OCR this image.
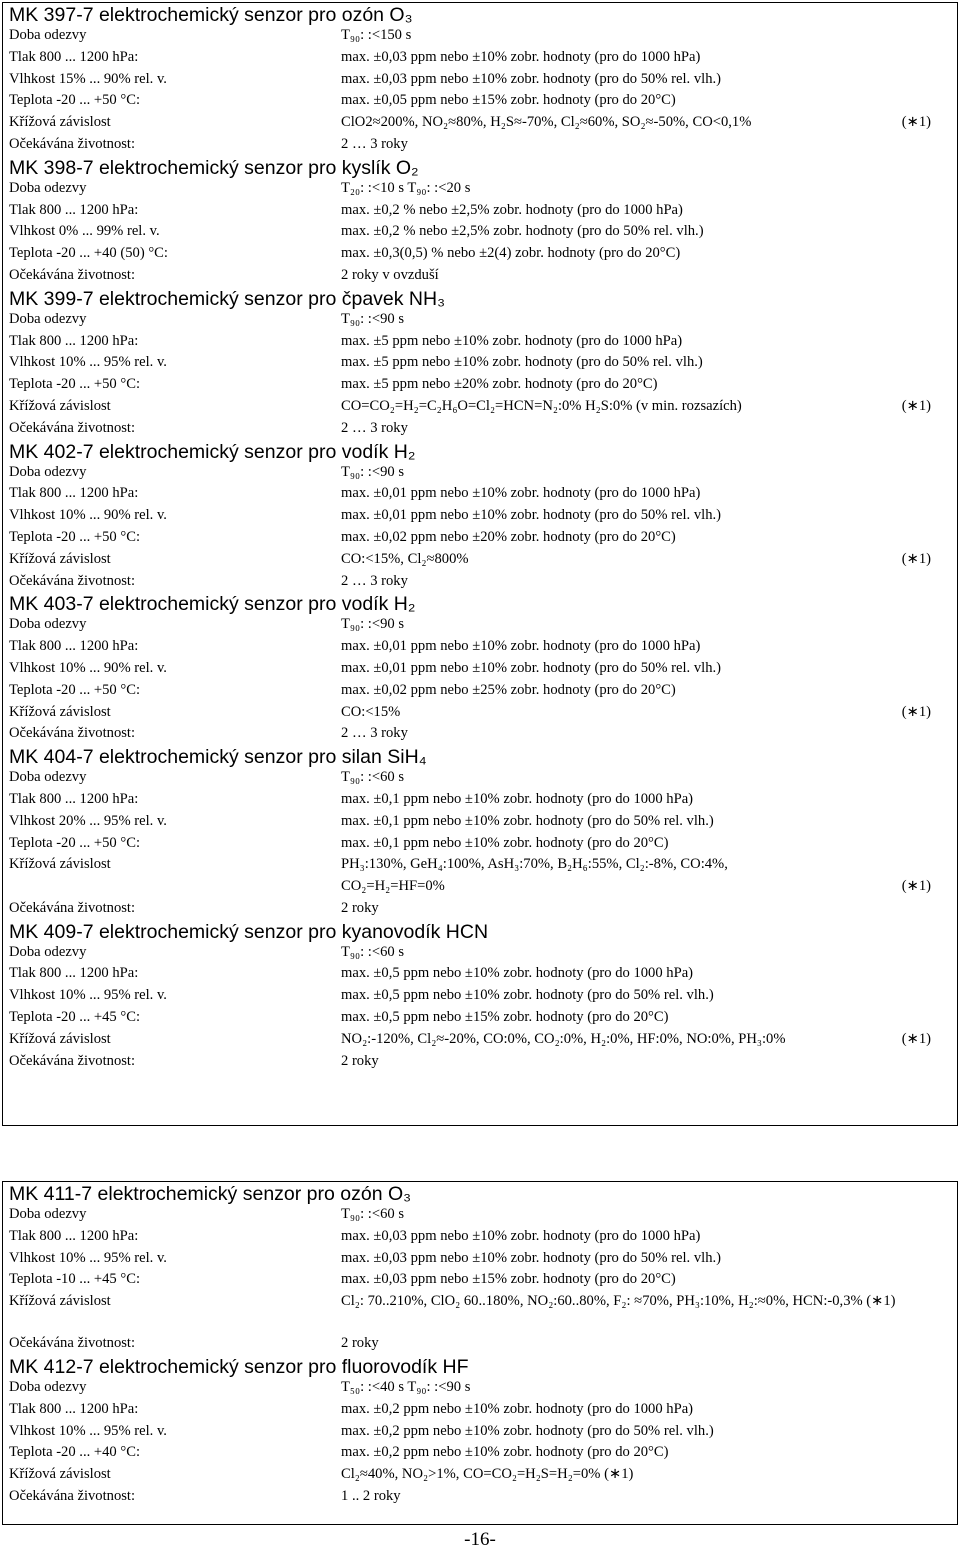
MK 397-7 elektrochemický senzor pro ozón O₃
Doba odezvy	T₉₀: :<150 s
Tlak 800 ... 1200 hPa:	max. ±0,03 ppm nebo ±10% zobr. hodnoty (pro do 1000 hPa)
Vlhkost 15% ... 90% rel. v.	max. ±0,03 ppm nebo ±10% zobr. hodnoty (pro do 50% rel. vlh.)
Teplota -20 ... +50 °C:	max. ±0,05 ppm nebo ±15% zobr. hodnoty (pro do 20°C)
Křížová závislost	ClO2≈200%, NO₂≈80%, H₂S≈-70%, Cl₂≈60%, SO₂≈-50%, CO<0,1%	(∗1)
Očekávána životnost:	2 … 3 roky
MK 398-7 elektrochemický senzor pro kyslík O₂
Doba odezvy	T₂₀: :<10 s T₉₀: :<20 s
Tlak 800 ... 1200 hPa:	max. ±0,2 % nebo ±2,5% zobr. hodnoty (pro do 1000 hPa)
Vlhkost 0% ... 99% rel. v.	max. ±0,2 % nebo ±2,5% zobr. hodnoty (pro do 50% rel. vlh.)
Teplota -20 ... +40 (50) °C:	max. ±0,3(0,5) % nebo ±2(4) zobr. hodnoty (pro do 20°C)
Očekávána životnost:	2 roky v ovzduší
MK 399-7 elektrochemický senzor pro čpavek NH₃
Doba odezvy	T₉₀: :<90 s
Tlak 800 ... 1200 hPa:	max. ±5 ppm nebo ±10% zobr. hodnoty (pro do 1000 hPa)
Vlhkost 10% ... 95% rel. v.	max. ±5 ppm nebo ±10% zobr. hodnoty (pro do 50% rel. vlh.)
Teplota -20 ... +50 °C:	max. ±5 ppm nebo ±20% zobr. hodnoty (pro do 20°C)
Křížová závislost	CO=CO₂=H₂=C₂H₆O=Cl₂=HCN=N₂:0% H₂S:0% (v min. rozsazích)	(∗1)
Očekávána životnost:	2 … 3 roky
MK 402-7 elektrochemický senzor pro vodík H₂
Doba odezvy	T₉₀: :<90 s
Tlak 800 ... 1200 hPa:	max. ±0,01 ppm nebo ±10% zobr. hodnoty (pro do 1000 hPa)
Vlhkost 10% ... 90% rel. v.	max. ±0,01 ppm nebo ±10% zobr. hodnoty (pro do 50% rel. vlh.)
Teplota -20 ... +50 °C:	max. ±0,02 ppm nebo ±20% zobr. hodnoty (pro do 20°C)
Křížová závislost	CO:<15%, Cl₂≈800%	(∗1)
Očekávána životnost:	2 … 3 roky
MK 403-7 elektrochemický senzor pro vodík H₂
Doba odezvy	T₉₀: :<90 s
Tlak 800 ... 1200 hPa:	max. ±0,01 ppm nebo ±10% zobr. hodnoty (pro do 1000 hPa)
Vlhkost 10% ... 90% rel. v.	max. ±0,01 ppm nebo ±10% zobr. hodnoty (pro do 50% rel. vlh.)
Teplota -20 ... +50 °C:	max. ±0,02 ppm nebo ±25% zobr. hodnoty (pro do 20°C)
Křížová závislost	CO:<15%	(∗1)
Očekávána životnost:	2 … 3 roky
MK 404-7 elektrochemický senzor pro silan SiH₄
Doba odezvy	T₉₀: :<60 s
Tlak 800 ... 1200 hPa:	max. ±0,1 ppm nebo ±10% zobr. hodnoty (pro do 1000 hPa)
Vlhkost 20% ... 95% rel. v.	max. ±0,1 ppm nebo ±10% zobr. hodnoty (pro do 50% rel. vlh.)
Teplota -20 ... +50 °C:	max. ±0,1 ppm nebo ±10% zobr. hodnoty (pro do 20°C)
Křížová závislost	PH₃:130%, GeH₄:100%, AsH₃:70%, B₂H₆:55%, Cl₂:-8%, CO:4%,
CO₂=H₂=HF=0%	(∗1)
Očekávána životnost:	2 roky
MK 409-7 elektrochemický senzor pro kyanovodík HCN
Doba odezvy	T₉₀: :<60 s
Tlak 800 ... 1200 hPa:	max. ±0,5 ppm nebo ±10% zobr. hodnoty (pro do 1000 hPa)
Vlhkost 10% ... 95% rel. v.	max. ±0,5 ppm nebo ±10% zobr. hodnoty (pro do 50% rel. vlh.)
Teplota -20 ... +45 °C:	max. ±0,5 ppm nebo ±15% zobr. hodnoty (pro do 20°C)
Křížová závislost	NO₂:-120%, Cl₂≈-20%, CO:0%, CO₂:0%, H₂:0%, HF:0%, NO:0%, PH₃:0%	(∗1)
Očekávána životnost:	2 roky
MK 411-7 elektrochemický senzor pro ozón O₃
Doba odezvy	T₉₀: :<60 s
Tlak 800 ... 1200 hPa:	max. ±0,03 ppm nebo ±10% zobr. hodnoty (pro do 1000 hPa)
Vlhkost 10% ... 95% rel. v.	max. ±0,03 ppm nebo ±10% zobr. hodnoty (pro do 50% rel. vlh.)
Teplota -10 ... +45 °C:	max. ±0,03 ppm nebo ±15% zobr. hodnoty (pro do 20°C)
Křížová závislost	Cl₂: 70..210%, ClO₂ 60..180%, NO₂:60..80%, F₂: ≈70%, PH₃:10%, H₂:≈0%, HCN:-0,3% (∗1)
Očekávána životnost:	2 roky
MK 412-7 elektrochemický senzor pro fluorovodík HF
Doba odezvy	T₅₀: :<40 s T₉₀: :<90 s
Tlak 800 ... 1200 hPa:	max. ±0,2 ppm nebo ±10% zobr. hodnoty (pro do 1000 hPa)
Vlhkost 10% ... 95% rel. v.	max. ±0,2 ppm nebo ±10% zobr. hodnoty (pro do 50% rel. vlh.)
Teplota -20 ... +40 °C:	max. ±0,2 ppm nebo ±10% zobr. hodnoty (pro do 20°C)
Křížová závislost	Cl₂≈40%, NO₂>1%, CO=CO₂=H₂S=H₂=0% (∗1)
Očekávána životnost:	1 .. 2 roky
-16-
